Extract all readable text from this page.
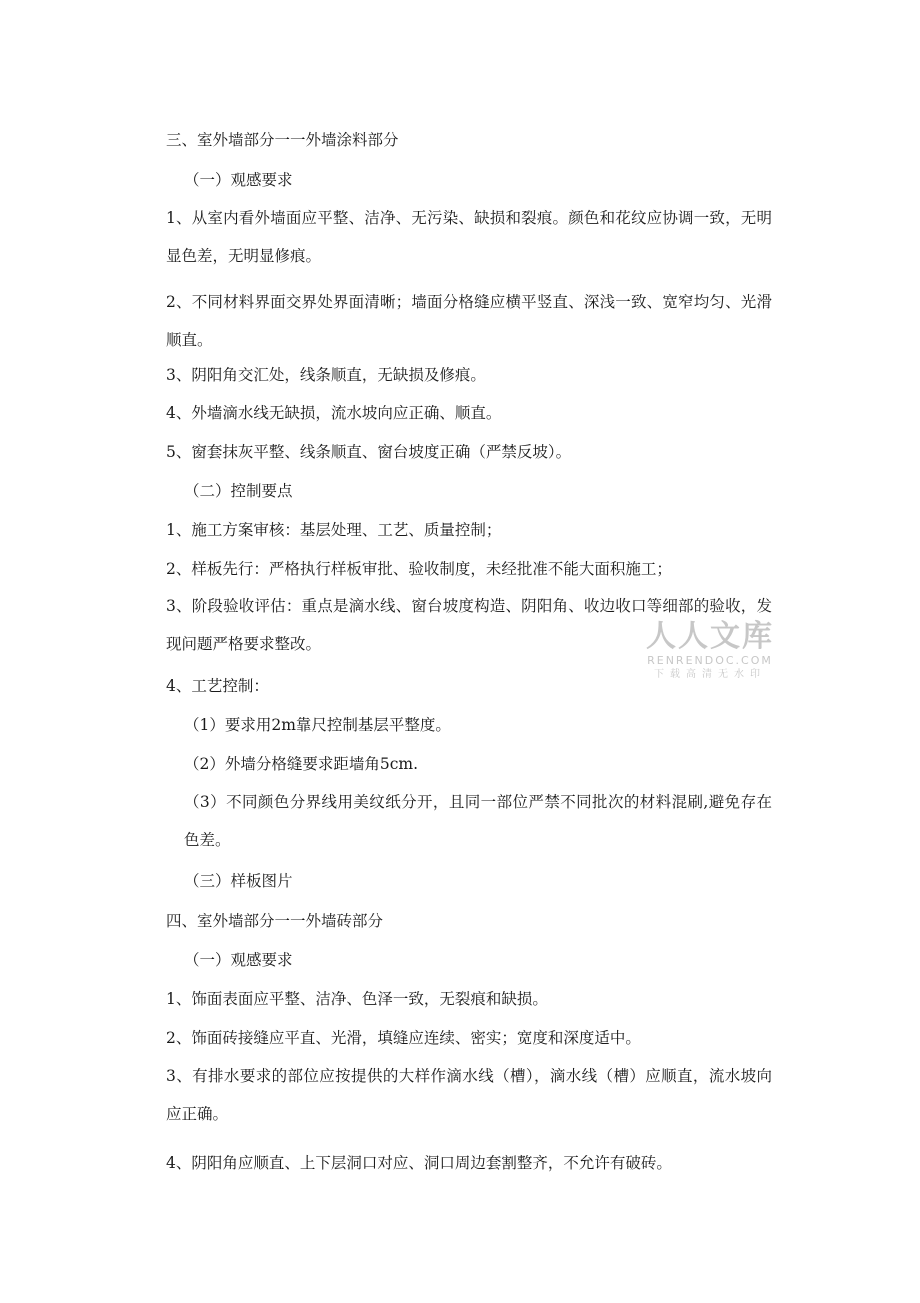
三、室外墙部分一一外墙涂料部分
（一）观感要求
1、从室内看外墙面应平整、洁净、无污染、缺损和裂痕。颜色和花纹应协调一致，无明显色差，无明显修痕。
2、不同材料界面交界处界面清晰；墙面分格缝应横平竖直、深浅一致、宽窄均匀、光滑顺直。
3、阴阳角交汇处，线条顺直，无缺损及修痕。
4、外墙滴水线无缺损，流水坡向应正确、顺直。
5、窗套抹灰平整、线条顺直、窗台坡度正确（严禁反坡）。
（二）控制要点
1、施工方案审核：基层处理、工艺、质量控制；
2、样板先行：严格执行样板审批、验收制度，未经批准不能大面积施工；
3、阶段验收评估：重点是滴水线、窗台坡度构造、阴阳角、收边收口等细部的验收，发现问题严格要求整改。
4、工艺控制：
（1）要求用2m靠尺控制基层平整度。
（2）外墙分格缝要求距墙角5cm.
（3）不同颜色分界线用美纹纸分开，且同一部位严禁不同批次的材料混刷,避免存在色差。
（三）样板图片
四、室外墙部分一一外墙砖部分
（一）观感要求
1、饰面表面应平整、洁净、色泽一致，无裂痕和缺损。
2、饰面砖接缝应平直、光滑，填缝应连续、密实；宽度和深度适中。
3、有排水要求的部位应按提供的大样作滴水线（槽），滴水线（槽）应顺直，流水坡向应正确。
4、阴阳角应顺直、上下层洞口对应、洞口周边套割整齐，不允许有破砖。
人人文库
RENRENDOC.COM
下载高清无水印
